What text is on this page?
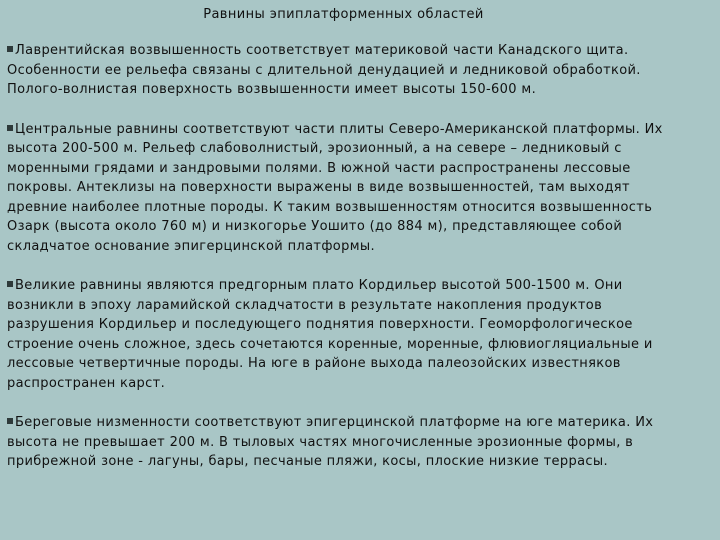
Равнины эпиплатформенных областей
Лаврентийская возвышенность соответствует материковой части Канадского щита. Особенности ее рельефа связаны с длительной денудацией и ледниковой обработкой. Полого-волнистая поверхность возвышенности имеет высоты 150-600 м.
Центральные равнины соответствуют части плиты Северо-Американской платформы. Их высота 200-500 м. Рельеф слабоволнистый, эрозионный, а на севере – ледниковый с моренными грядами и зандровыми полями. В южной части распространены лессовые покровы. Антеклизы на поверхности выражены в виде возвышенностей, там выходят древние наиболее плотные породы. К таким возвышенностям относится возвышенность Озарк (высота около 760 м) и низкогорье Уошито (до 884 м), представляющее собой складчатое основание эпигерцинской платформы.
Великие равнины являются предгорным плато Кордильер высотой 500-1500 м. Они возникли в эпоху ларамийской складчатости в результате накопления продуктов разрушения Кордильер и последующего поднятия поверхности. Геоморфологическое строение очень сложное, здесь сочетаются коренные, моренные, флювиогляциальные и лессовые четвертичные породы. На юге в районе выхода палеозойских известняков распространен карст.
Береговые низменности соответствуют эпигерцинской платформе на юге материка. Их высота не превышает 200 м. В тыловых частях многочисленные эрозионные формы, в прибрежной зоне - лагуны, бары, песчаные пляжи, косы, плоские низкие террасы.
